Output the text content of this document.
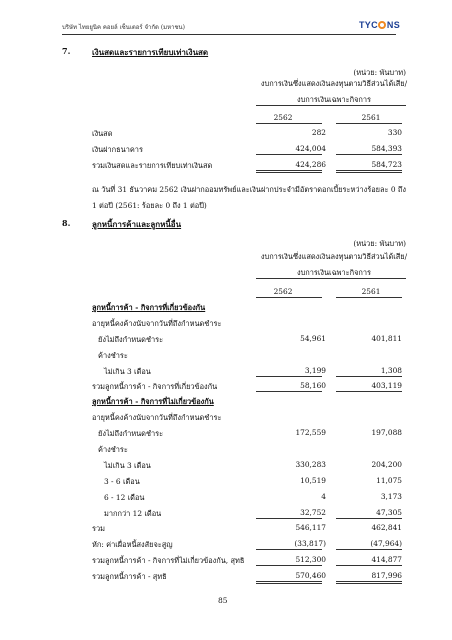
บริษัท ไทยยูนิค คอยล์ เซ็นเตอร์ จำกัด (มหาชน)	TYC NS
7.	เงินสดและรายการเทียบเท่าเงินสด
(หน่วย: พันบาท)
งบการเงินซึ่งแสดงเงินลงทุนตามวิธีส่วนได้เสีย/
งบการเงินเฉพาะกิจการ
2562	2561
เงินสด	282	330
เงินฝากธนาคาร	424,004	584,393
รวมเงินสดและรายการเทียบเท่าเงินสด	424,286	584,723
ณ วันที่ 31 ธันวาคม 2562 เงินฝากออมทรัพย์และเงินฝากประจำมีอัตราดอกเบี้ยระหว่างร้อยละ 0 ถึง
1 ต่อปี (2561: ร้อยละ 0 ถึง 1 ต่อปี)
8.	ลูกหนี้การค้าและลูกหนี้อื่น
(หน่วย: พันบาท)
งบการเงินซึ่งแสดงเงินลงทุนตามวิธีส่วนได้เสีย/
งบการเงินเฉพาะกิจการ
2562	2561
ลูกหนี้การค้า - กิจการที่เกี่ยวข้องกัน
อายุหนี้คงค้างนับจากวันที่ถึงกำหนดชำระ
ยังไม่ถึงกำหนดชำระ	54,961	401,811
ค้างชำระ
ไม่เกิน 3 เดือน	3,199	1,308
รวมลูกหนี้การค้า - กิจการที่เกี่ยวข้องกัน	58,160	403,119
ลูกหนี้การค้า - กิจการที่ไม่เกี่ยวข้องกัน
อายุหนี้คงค้างนับจากวันที่ถึงกำหนดชำระ
ยังไม่ถึงกำหนดชำระ	172,559	197,088
ค้างชำระ
ไม่เกิน 3 เดือน	330,283	204,200
3 - 6 เดือน	10,519	11,075
6 - 12 เดือน	4	3,173
มากกว่า 12 เดือน	32,752	47,305
รวม	546,117	462,841
หัก: ค่าเผื่อหนี้สงสัยจะสูญ	(33,817)	(47,964)
รวมลูกหนี้การค้า - กิจการที่ไม่เกี่ยวข้องกัน, สุทธิ	512,300	414,877
รวมลูกหนี้การค้า - สุทธิ	570,460	817,996
85
